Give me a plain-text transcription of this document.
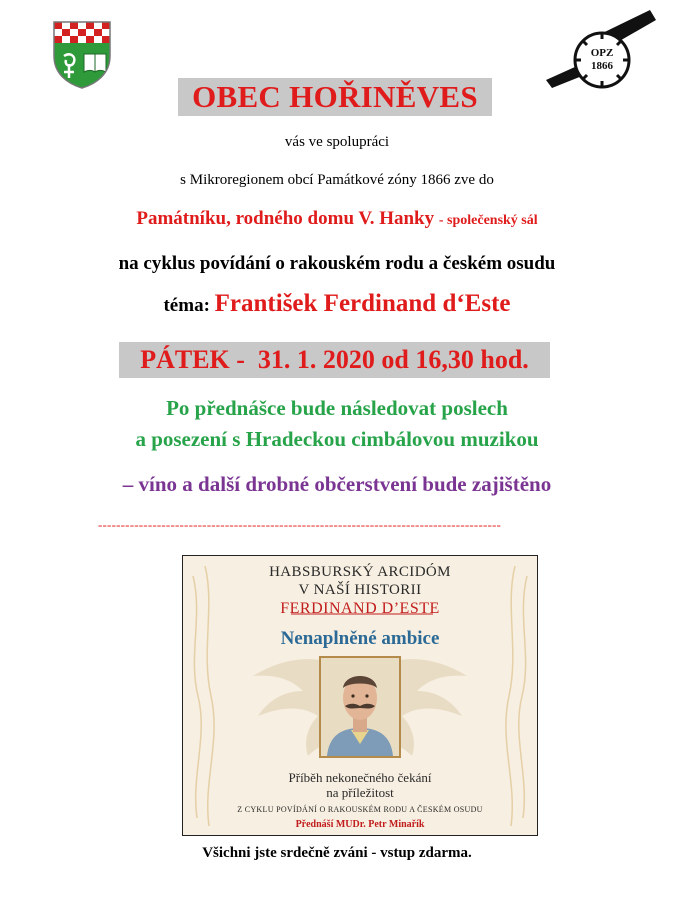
OPZ
1866
OBEC HOŘINĚVES
vás ve spolupráci
s Mikroregionem obcí Památkové zóny 1866 zve do
Památníku, rodného domu V. Hanky - společenský sál
na cyklus povídání o rakouském rodu a českém osudu
téma: František Ferdinand d‘Este
PÁTEK -  31. 1. 2020 od 16,30 hod.
Po přednášce bude následovat poslech
a posezení s Hradeckou cimbálovou muzikou
– víno a další drobné občerstvení bude zajištěno
-----------------------------------------------------------------------------------------
HABSBURSKÝ ARCIDÓM
V NAŠÍ HISTORII
FERDINAND D’ESTE
Nenaplněné ambice
Příběh nekonečného čekání
na příležitost
Z CYKLU POVÍDÁNÍ O RAKOUSKÉM RODU A ČESKÉM OSUDU
Přednáší MUDr. Petr Minařík
Všichni jste srdečně zváni - vstup zdarma.
